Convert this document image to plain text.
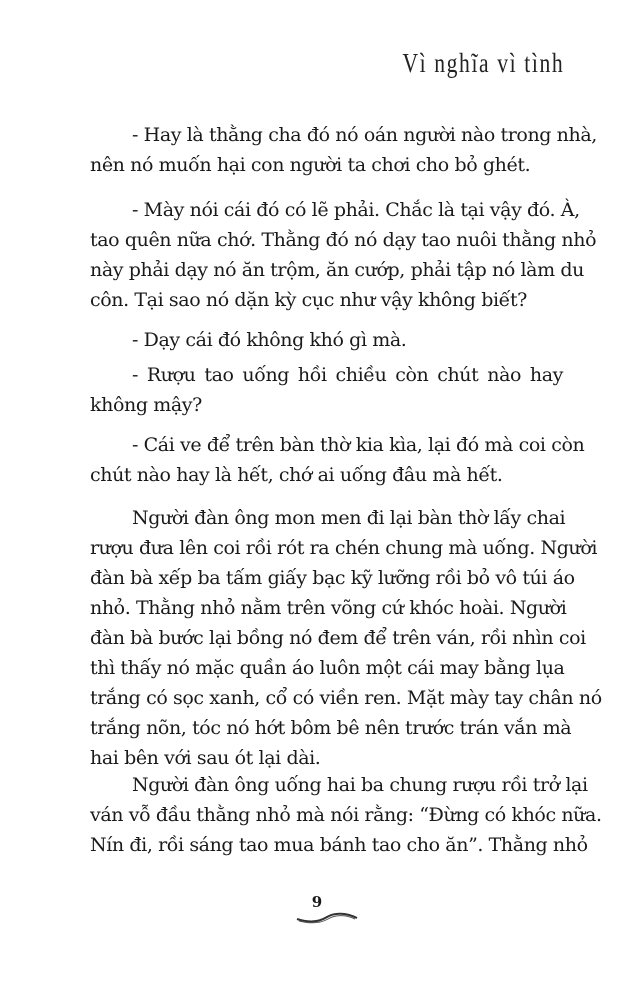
Vì nghĩa vì tình
- Hay là thằng cha đó nó oán người nào trong nhà,
nên nó muốn hại con người ta chơi cho bỏ ghét.
- Mày nói cái đó có lẽ phải. Chắc là tại vậy đó. À,
tao quên nữa chớ. Thằng đó nó dạy tao nuôi thằng nhỏ
này phải dạy nó ăn trộm, ăn cướp, phải tập nó làm du
côn. Tại sao nó dặn kỳ cục như vậy không biết?
- Dạy cái đó không khó gì mà.
- Rượu tao uống hồi chiều còn chút nào hay
không mậy?
- Cái ve để trên bàn thờ kia kìa, lại đó mà coi còn
chút nào hay là hết, chớ ai uống đâu mà hết.
Người đàn ông mon men đi lại bàn thờ lấy chai
rượu đưa lên coi rồi rót ra chén chung mà uống. Người
đàn bà xếp ba tấm giấy bạc kỹ lưỡng rồi bỏ vô túi áo
nhỏ. Thằng nhỏ nằm trên võng cứ khóc hoài. Người
đàn bà bước lại bồng nó đem để trên ván, rồi nhìn coi
thì thấy nó mặc quần áo luôn một cái may bằng lụa
trắng có sọc xanh, cổ có viền ren. Mặt mày tay chân nó
trắng nõn, tóc nó hớt bôm bê nên trước trán vắn mà
hai bên với sau ót lại dài.
Người đàn ông uống hai ba chung rượu rồi trở lại
ván vỗ đầu thằng nhỏ mà nói rằng: “Đừng có khóc nữa.
Nín đi, rồi sáng tao mua bánh tao cho ăn”. Thằng nhỏ
9
